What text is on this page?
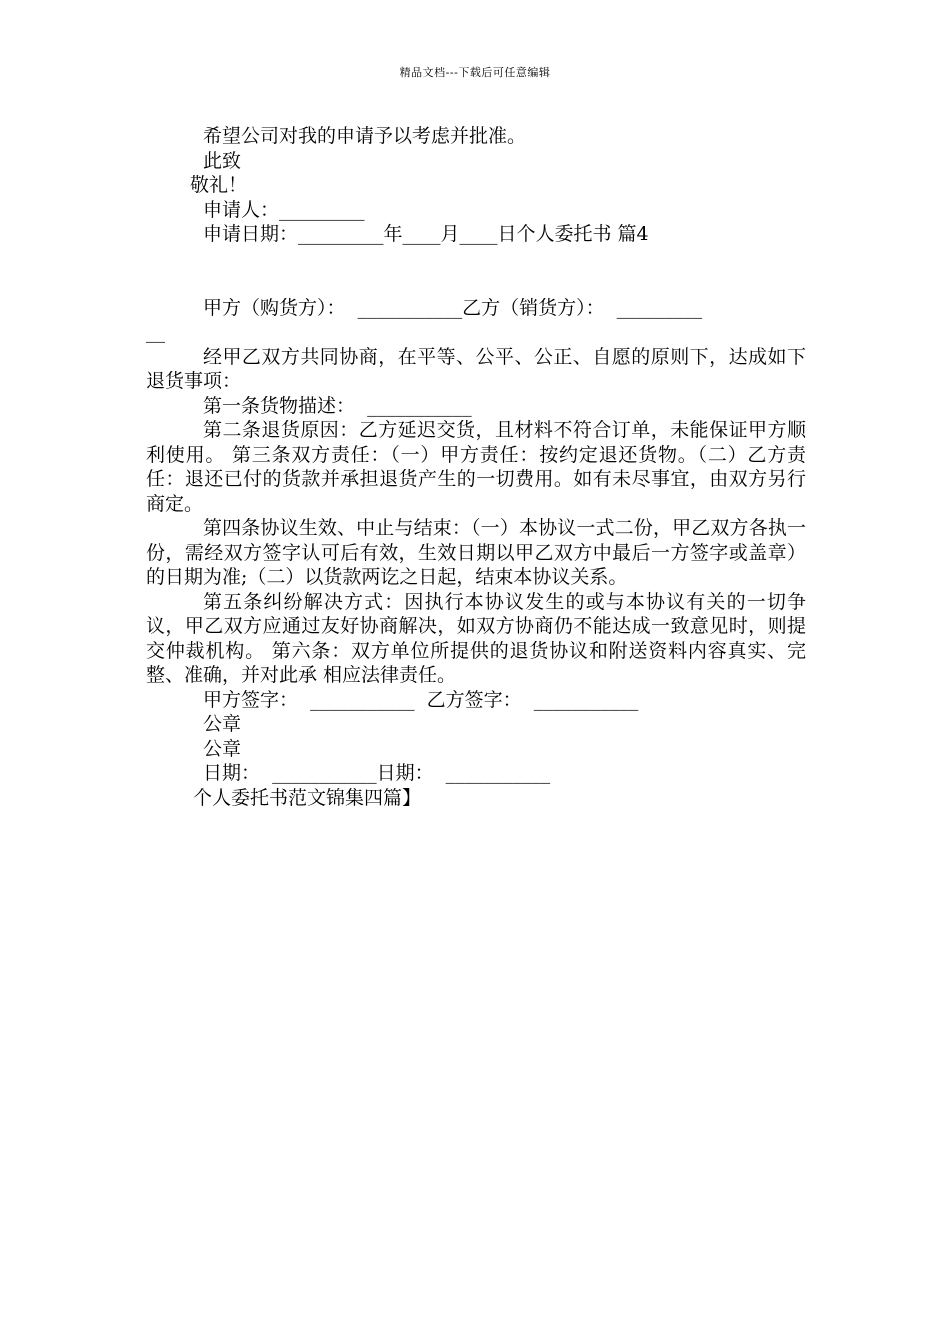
精品文档---下载后可任意编辑
希望公司对我的申请予以考虑并批准。
此致
敬礼！
申请人：_________
申请日期：_________年____月____日个人委托书 篇4
甲方（购货方）：  ___________乙方（销货方）：  _________
__
经甲乙双方共同协商，在平等、公平、公正、自愿的原则下，达成如下退货事项：
第一条货物描述：  ___________
第二条退货原因：乙方延迟交货，且材料不符合订单，未能保证甲方顺利使用。 第三条双方责任：（一）甲方责任：按约定退还货物。（二）乙方责任：退还已付的货款并承担退货产生的一切费用。如有未尽事宜，由双方另行商定。
第四条协议生效、中止与结束：（一）本协议一式二份，甲乙双方各执一份，需经双方签字认可后有效，生效日期以甲乙双方中最后一方签字或盖章）的日期为准;（二）以货款两讫之日起，结束本协议关系。
第五条纠纷解决方式：因执行本协议发生的或与本协议有关的一切争议，甲乙双方应通过友好协商解决，如双方协商仍不能达成一致意见时，则提交仲裁机构。 第六条：双方单位所提供的退货协议和附送资料内容真实、完整、准确，并对此承 相应法律责任。
甲方签字：  ___________  乙方签字：  ___________
公章
公章
日期：  ___________日期：  ___________
个人委托书范文锦集四篇】
